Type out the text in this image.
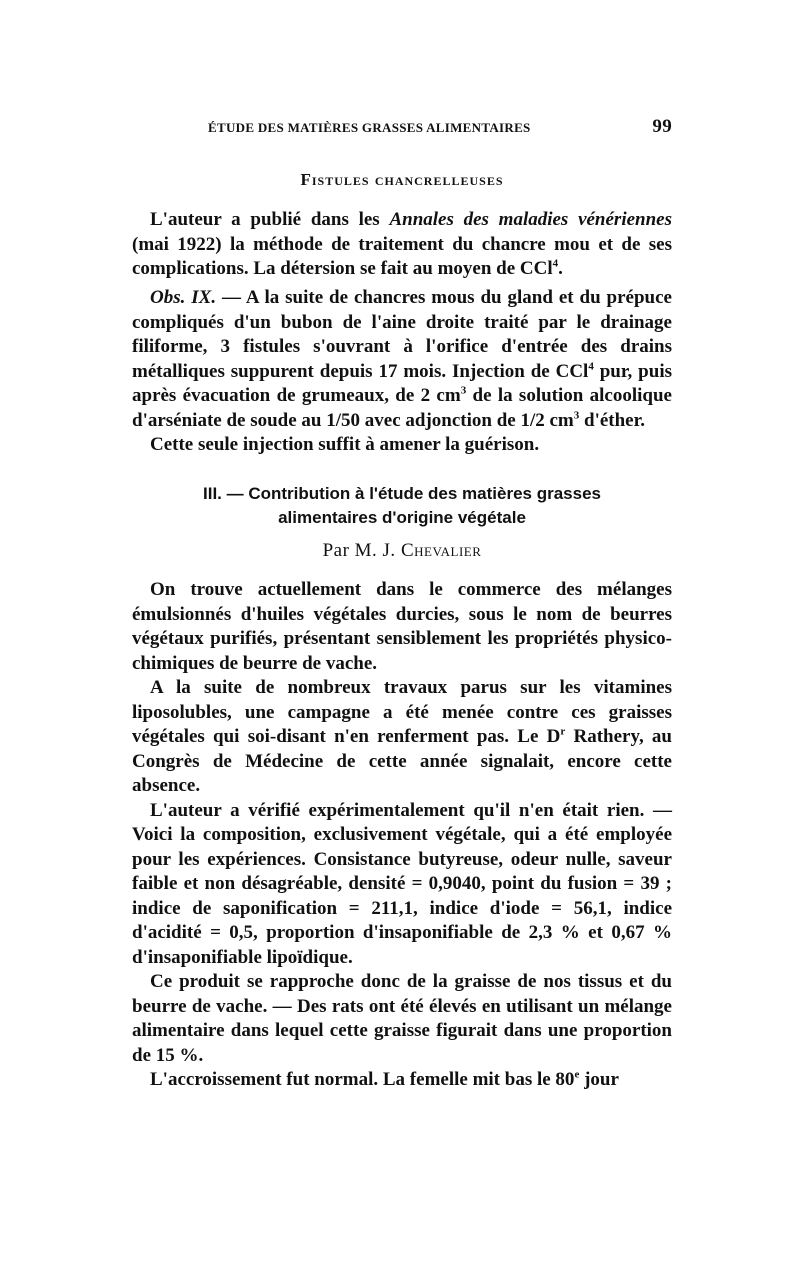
ÉTUDE DES MATIÈRES GRASSES ALIMENTAIRES	99
Fistules chancrelleuses

L'auteur a publié dans les Annales des maladies vénériennes (mai 1922) la méthode de traitement du chancre mou et de ses complications. La détersion se fait au moyen de CCl$^4$.

Obs. IX. — A la suite de chancres mous du gland et du prépuce compliqués d'un bubon de l'aine droite traité par le drainage filiforme, 3 fistules s'ouvrant à l'orifice d'entrée des drains métalliques suppurent depuis 17 mois. Injection de CCl$^4$ pur, puis après évacuation de grumeaux, de 2 $cm^3$ de la solution alcoolique d'arséniate de soude au 1/50 avec adjonction de 1/2 $cm^3$ d'éther.

Cette seule injection suffit à amener la guérison.

III. — Contribution à l'étude des matières grasses
alimentaires d'origine végétale
Par M. J. Chevalier

On trouve actuellement dans le commerce des mélanges émulsionnés d'huiles végétales durcies, sous le nom de beurres végétaux purifiés, présentant sensiblement les propriétés physico-chimiques de beurre de vache.

A la suite de nombreux travaux parus sur les vitamines liposolubles, une campagne a été menée contre ces graisses végétales qui soi-disant n'en renferment pas. Le $D^r$ Rathery, au Congrès de Médecine de cette année signalait, encore cette absence.

L'auteur a vérifié expérimentalement qu'il n'en était rien. — Voici la composition, exclusivement végétale, qui a été employée pour les expériences. Consistance butyreuse, odeur nulle, saveur faible et non désagréable, densité = 0,9040, point du fusion = 39 ; indice de saponification = 211,1, indice d'iode = 56,1, indice d'acidité = 0,5, proportion d'insaponifiable de 2,3 % et 0,67 % d'insaponifiable lipoïdique.

Ce produit se rapproche donc de la graisse de nos tissus et du beurre de vache. — Des rats ont été élevés en utilisant un mélange alimentaire dans lequel cette graisse figurait dans une proportion de 15 %.

L'accroissement fut normal. La femelle mit bas le 80e jour
